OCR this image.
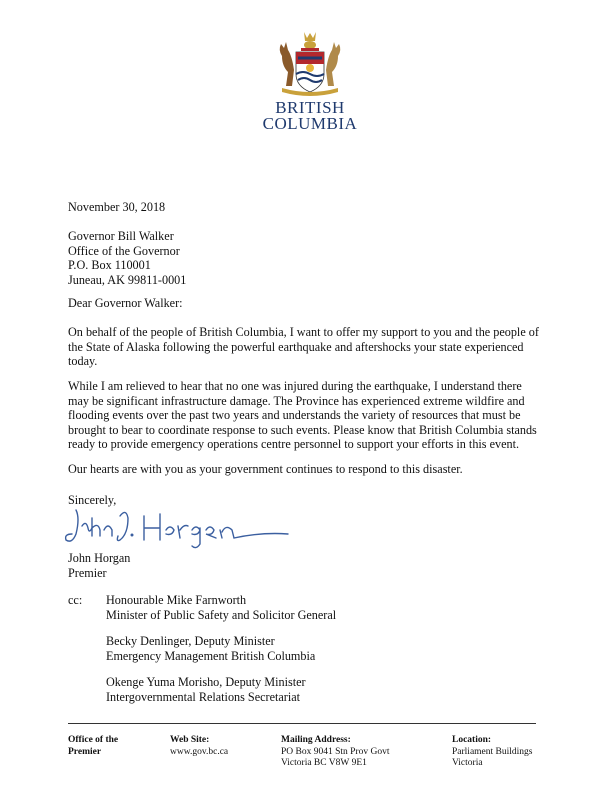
BRITISH
COLUMBIA
November 30, 2018
Governor Bill Walker
Office of the Governor
P.O. Box 110001
Juneau, AK 99811-0001
Dear Governor Walker:
On behalf of the people of British Columbia, I want to offer my support to you and the people of
the State of Alaska following the powerful earthquake and aftershocks your state experienced
today.
While I am relieved to hear that no one was injured during the earthquake, I understand there
may be significant infrastructure damage. The Province has experienced extreme wildfire and
flooding events over the past two years and understands the variety of resources that must be
brought to bear to coordinate response to such events. Please know that British Columbia stands
ready to provide emergency operations centre personnel to support your efforts in this event.
Our hearts are with you as your government continues to respond to this disaster.
Sincerely,
John Horgan
Premier
cc: Honourable Mike Farnworth
Minister of Public Safety and Solicitor General
Becky Denlinger, Deputy Minister
Emergency Management British Columbia
Okenge Yuma Morisho, Deputy Minister
Intergovernmental Relations Secretariat
Office of the
Premier
Web Site:
www.gov.bc.ca
Mailing Address:
PO Box 9041 Stn Prov Govt
Victoria BC V8W 9E1
Location:
Parliament Buildings
Victoria
